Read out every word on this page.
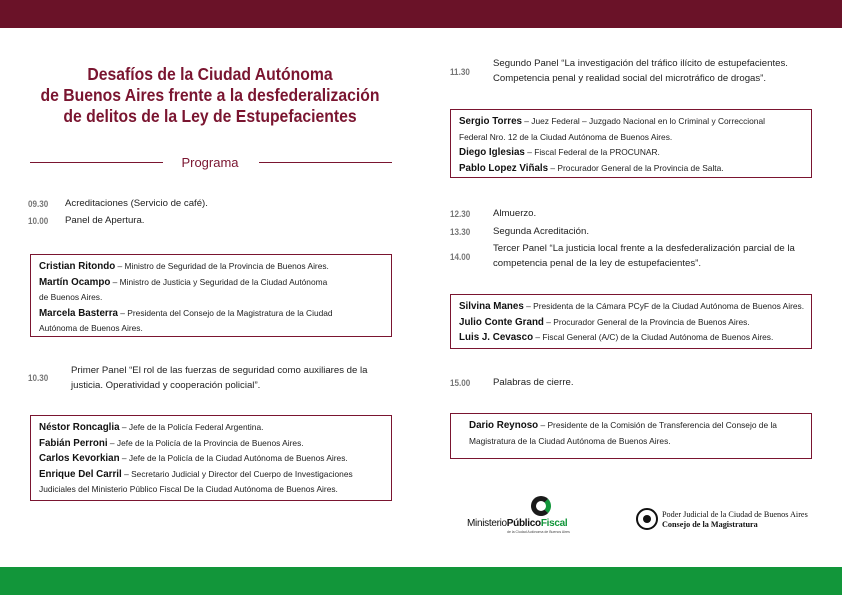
Desafíos de la Ciudad Autónoma
de Buenos Aires frente a la desfederalización
de delitos de la Ley de Estupefacientes
Programa
09.30 Acreditaciones (Servicio de café).
10.00 Panel de Apertura.
Cristian Ritondo – Ministro de Seguridad de la Provincia de Buenos Aires.
Martín Ocampo – Ministro de Justicia y Seguridad de la Ciudad Autónoma
de Buenos Aires.
Marcela Basterra – Presidenta del Consejo de la Magistratura de la Ciudad
Autónoma de Buenos Aires.
10.30
Primer Panel “El rol de las fuerzas de seguridad como auxiliares de la
justicia. Operatividad y cooperación policial”.
Néstor Roncaglia – Jefe de la Policía Federal Argentina.
Fabián Perroni – Jefe de la Policía de la Provincia de Buenos Aires.
Carlos Kevorkian – Jefe de la Policía de la Ciudad Autónoma de Buenos Aires.
Enrique Del Carril – Secretario Judicial y Director del Cuerpo de Investigaciones
Judiciales del Ministerio Público Fiscal De la Ciudad Autónoma de Buenos Aires.
11.30
Segundo Panel “La investigación del tráfico ilícito de estupefacientes.
Competencia penal y realidad social del microtráfico de drogas”.
Sergio Torres – Juez Federal – Juzgado Nacional en lo Criminal y Correccional
Federal Nro. 12 de la Ciudad Autónoma de Buenos Aires.
Diego Iglesias – Fiscal Federal de la PROCUNAR.
Pablo Lopez Viñals – Procurador General de la Provincia de Salta.
12.30 Almuerzo.
13.30 Segunda Acreditación.
14.00
Tercer Panel “La justicia local frente a la desfederalización parcial de la
competencia penal de la ley de estupefacientes”.
Silvina Manes – Presidenta de la Cámara PCyF de la Ciudad Autónoma de Buenos Aires.
Julio Conte Grand – Procurador General de la Provincia de Buenos Aires.
Luis J. Cevasco – Fiscal General (A/C) de la Ciudad Autónoma de Buenos Aires.
15.00 Palabras de cierre.
Dario Reynoso – Presidente de la Comisión de Transferencia del Consejo de la
Magistratura de la Ciudad Autónoma de Buenos Aires.
MinisterioPúblicoFiscal
de la Ciudad Autónoma de Buenos Aires
Poder Judicial de la Ciudad de Buenos Aires
Consejo de la Magistratura
